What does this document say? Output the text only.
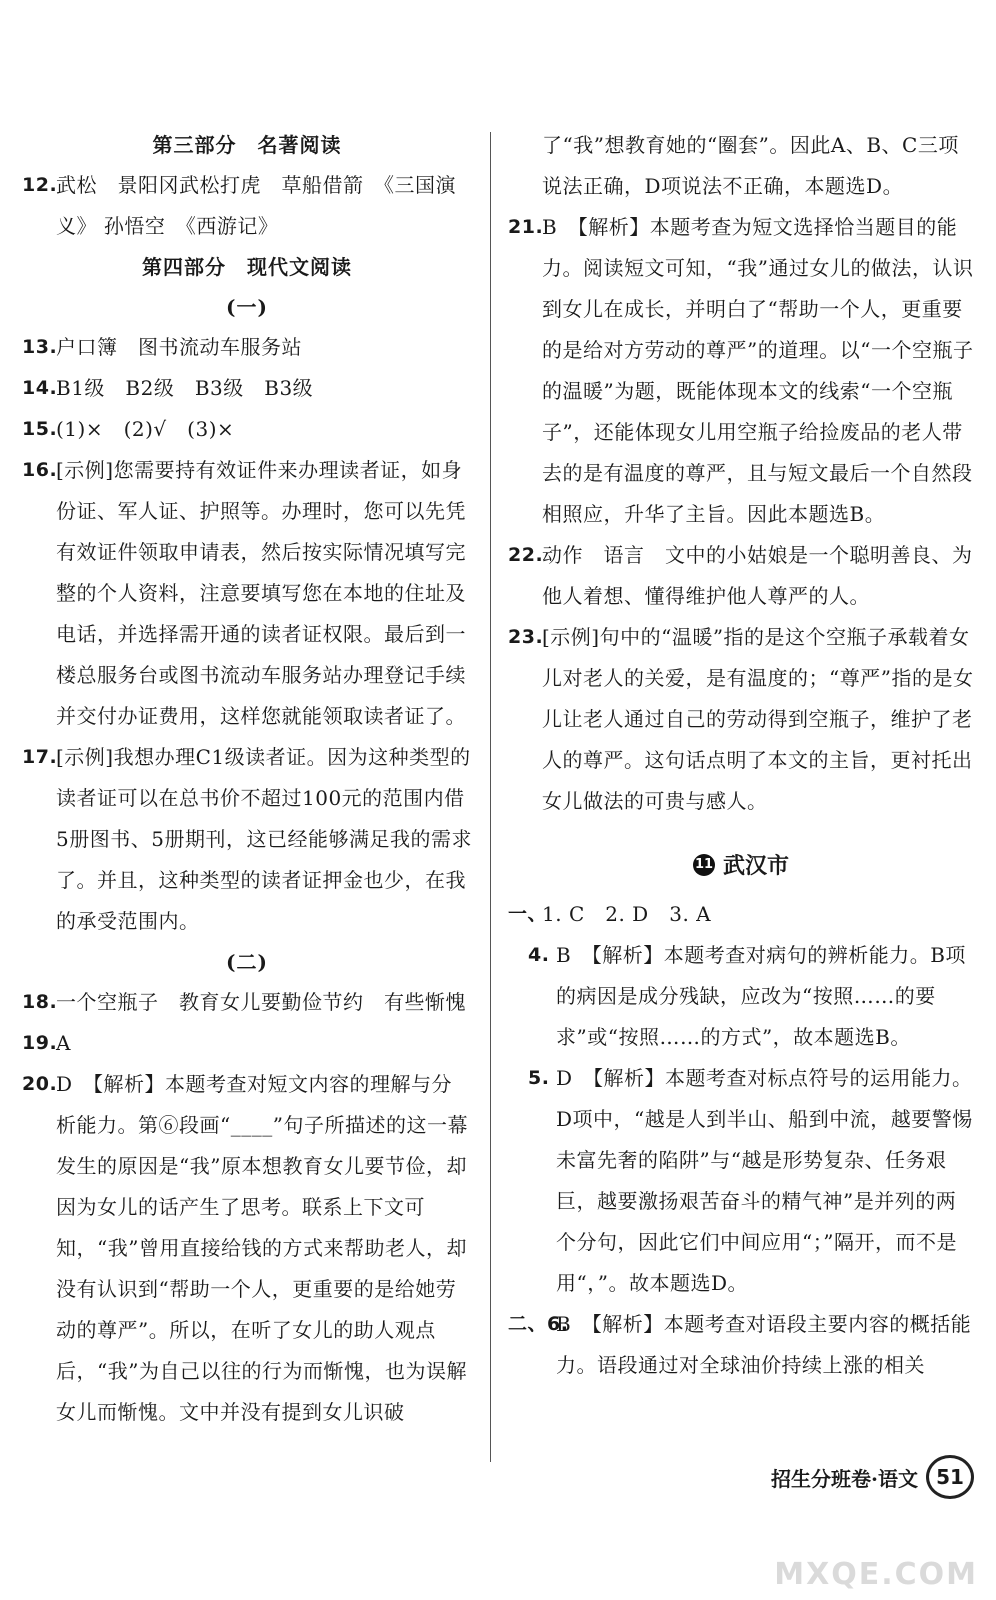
第三部分　名著阅读
12.
武松　景阳冈武松打虎　草船借箭　《三国演义》 孙悟空　《西游记》
第四部分　现代文阅读
(一)
13.
户口簿　图书流动车服务站
14.
B1级　B2级　B3级　B3级
15.
(1)×　(2)√　(3)×
16.
[示例]您需要持有效证件来办理读者证，如身份证、军人证、护照等。办理时，您可以先凭有效证件领取申请表，然后按实际情况填写完整的个人资料，注意要填写您在本地的住址及电话，并选择需开通的读者证权限。最后到一楼总服务台或图书流动车服务站办理登记手续并交付办证费用，这样您就能领取读者证了。
17.
[示例]我想办理C1级读者证。因为这种类型的读者证可以在总书价不超过100元的范围内借5册图书、5册期刊，这已经能够满足我的需求了。并且，这种类型的读者证押金也少，在我的承受范围内。
(二)
18.
一个空瓶子　教育女儿要勤俭节约　有些惭愧
19.
A
20.
D　【解析】本题考查对短文内容的理解与分析能力。第⑥段画“____”句子所描述的这一幕发生的原因是“我”原本想教育女儿要节俭，却因为女儿的话产生了思考。联系上下文可知，“我”曾用直接给钱的方式来帮助老人，却没有认识到“帮助一个人，更重要的是给她劳动的尊严”。所以，在听了女儿的助人观点后，“我”为自己以往的行为而惭愧，也为误解女儿而惭愧。文中并没有提到女儿识破
了“我”想教育她的“圈套”。因此A、B、C三项说法正确，D项说法不正确，本题选D。
21.
B　【解析】本题考查为短文选择恰当题目的能力。阅读短文可知，“我”通过女儿的做法，认识到女儿在成长，并明白了“帮助一个人，更重要的是给对方劳动的尊严”的道理。以“一个空瓶子的温暖”为题，既能体现本文的线索“一个空瓶子”，还能体现女儿用空瓶子给捡废品的老人带去的是有温度的尊严，且与短文最后一个自然段相照应，升华了主旨。因此本题选B。
22.
动作　语言　文中的小姑娘是一个聪明善良、为他人着想、懂得维护他人尊严的人。
23.
[示例]句中的“温暖”指的是这个空瓶子承载着女儿对老人的关爱，是有温度的；“尊严”指的是女儿让老人通过自己的劳动得到空瓶子，维护了老人的尊严。这句话点明了本文的主旨，更衬托出女儿做法的可贵与感人。
11 武汉市
一、
1. C　2. D　3. A
4. B　【解析】本题考查对病句的辨析能力。B项的病因是成分残缺，应改为“按照……的要求”或“按照……的方式”，故本题选B。
5. D　【解析】本题考查对标点符号的运用能力。D项中，“越是人到半山、船到中流，越要警惕未富先奢的陷阱”与“越是形势复杂、任务艰巨，越要激扬艰苦奋斗的精气神”是并列的两个分句，因此它们中间应用“；”隔开，而不是用“，”。故本题选D。
二、6.
B　【解析】本题考查对语段主要内容的概括能力。语段通过对全球油价持续上涨的相关
招生分班卷·语文 51
MXQE.COM
